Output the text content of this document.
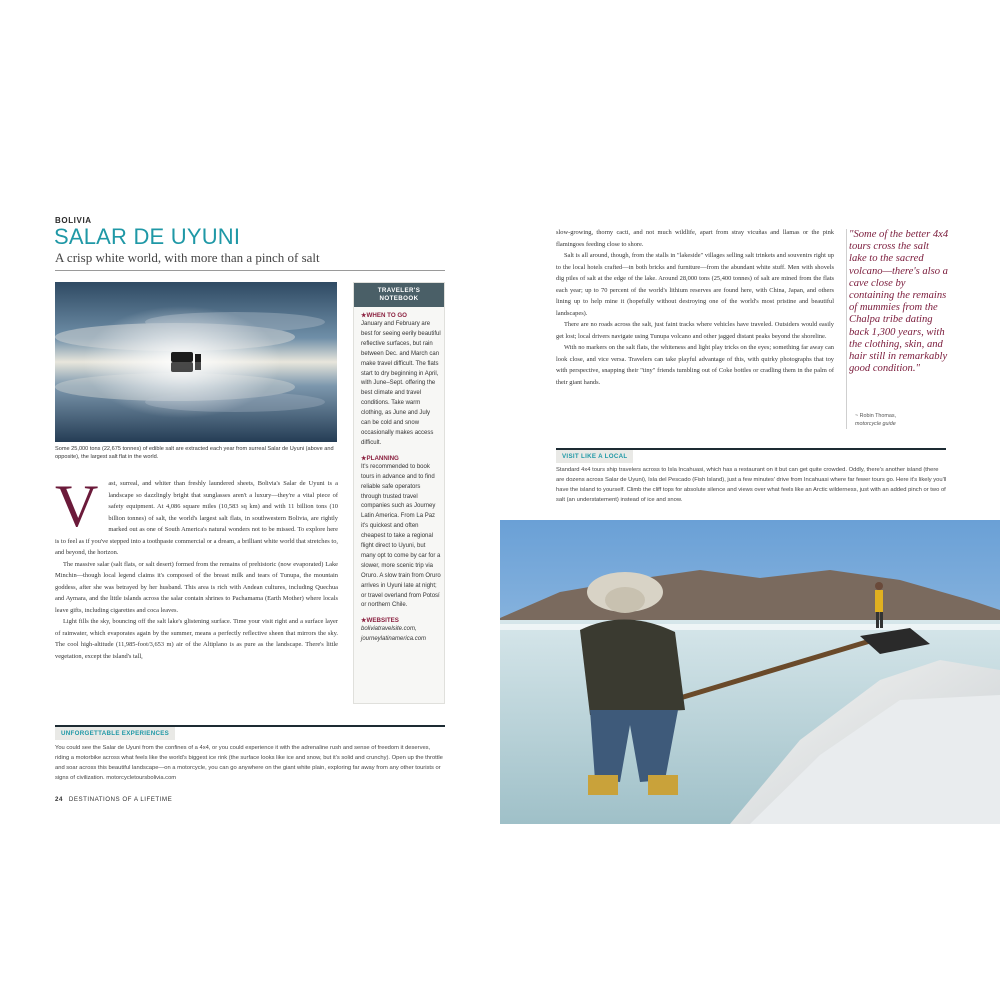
BOLIVIA
SALAR DE UYUNI
A crisp white world, with more than a pinch of salt
Some 25,000 tons (22,675 tonnes) of edible salt are extracted each year from surreal Salar de Uyuni (above and opposite), the largest salt flat in the world.

V ast, surreal, and whiter than freshly laundered sheets, Bolivia's Salar de Uyuni is a landscape so dazzlingly bright that sunglasses aren't a luxury—they're a vital piece of safety equipment. At 4,086 square miles (10,583 sq km) and with 11 billion tons (10 billion tonnes) of salt, the world's largest salt flats, in southwestern Bolivia, are rightly marked out as one of South America's natural wonders not to be missed. To explore here is to feel as if you've stepped into a toothpaste commercial or a dream, a brilliant white world that stretches to, and beyond, the horizon.

The massive salar (salt flats, or salt desert) formed from the remains of prehistoric (now evaporated) Lake Minchin—though local legend claims it's composed of the breast milk and tears of Tunupa, the mountain goddess, after she was betrayed by her husband. This area is rich with Andean cultures, including Quechua and Aymara, and the little islands across the salar contain shrines to Pachamama (Earth Mother) where locals leave gifts, including cigarettes and coca leaves.

Light fills the sky, bouncing off the salt lake's glistening surface. Time your visit right and a surface layer of rainwater, which evaporates again by the summer, means a perfectly reflective sheen that mirrors the sky. The cool high-altitude (11,985-foot/3,653 m) air of the Altiplano is as pure as the landscape. There's little vegetation, except the island's tall,

TRAVELER'S
NOTEBOOK
★WHEN TO GO
January and February are best for seeing eerily beautiful reflective surfaces, but rain between Dec. and March can make travel difficult. The flats start to dry beginning in April, with June–Sept. offering the best climate and travel conditions. Take warm clothing, as June and July can be cold and snow occasionally makes access difficult.
★PLANNING
It's recommended to book tours in advance and to find reliable safe operators through trusted travel companies such as Journey Latin America. From La Paz it's quickest and often cheapest to take a regional flight direct to Uyuni, but many opt to come by car for a slower, more scenic trip via Oruro. A slow train from Oruro arrives in Uyuni late at night; or travel overland from Potosí or northern Chile.
★WEBSITES
boliviatravelsite.com, journeylatinamerica.com
UNFORGETTABLE EXPERIENCES
You could see the Salar de Uyuni from the confines of a 4x4, or you could experience it with the adrenaline rush and sense of freedom it deserves, riding a motorbike across what feels like the world's biggest ice rink (the surface looks like ice and snow, but it's solid and crunchy). Open up the throttle and soar across this beautiful landscape—on a motorcycle, you can go anywhere on the giant white plain, exploring far away from any other tourists or signs of civilization. motorcycletoursbolivia.com
24 DESTINATIONS OF A LIFETIME

slow-growing, thorny cacti, and not much wildlife, apart from stray vicuñas and llamas or the pink flamingoes feeding close to shore.

Salt is all around, though, from the stalls in "lakeside" villages selling salt trinkets and souvenirs right up to the local hotels crafted—in both bricks and furniture—from the abundant white stuff. Men with shovels dig piles of salt at the edge of the lake. Around 28,000 tons (25,400 tonnes) of salt are mined from the flats each year; up to 70 percent of the world's lithium reserves are found here, with China, Japan, and others lining up to help mine it (hopefully without destroying one of the world's most pristine and beautiful landscapes).

There are no roads across the salt, just faint tracks where vehicles have traveled. Outsiders would easily get lost; local drivers navigate using Tunupa volcano and other jagged distant peaks beyond the shoreline.

With no markers on the salt flats, the whiteness and light play tricks on the eyes; something far away can look close, and vice versa. Travelers can take playful advantage of this, with quirky photographs that toy with perspective, snapping their "tiny" friends tumbling out of Coke bottles or cradling them in the palm of their giant hands.

"Some of the better 4x4 tours cross the salt lake to the sacred volcano—there's also a cave close by containing the remains of mummies from the Chalpa tribe dating back 1,300 years, with the clothing, skin, and hair still in remarkably good condition."
~ Robin Thomas,
motorcycle guide
VISIT LIKE A LOCAL
Standard 4x4 tours ship travelers across to Isla Incahuasi, which has a restaurant on it but can get quite crowded. Oddly, there's another island (there are dozens across Salar de Uyuni), Isla del Pescado (Fish Island), just a few minutes' drive from Incahuasi where far fewer tours go. Here it's likely you'll have the island to yourself. Climb the cliff tops for absolute silence and views over what feels like an Arctic wilderness, just with an added pinch or two of salt (an understatement) instead of ice and snow.
